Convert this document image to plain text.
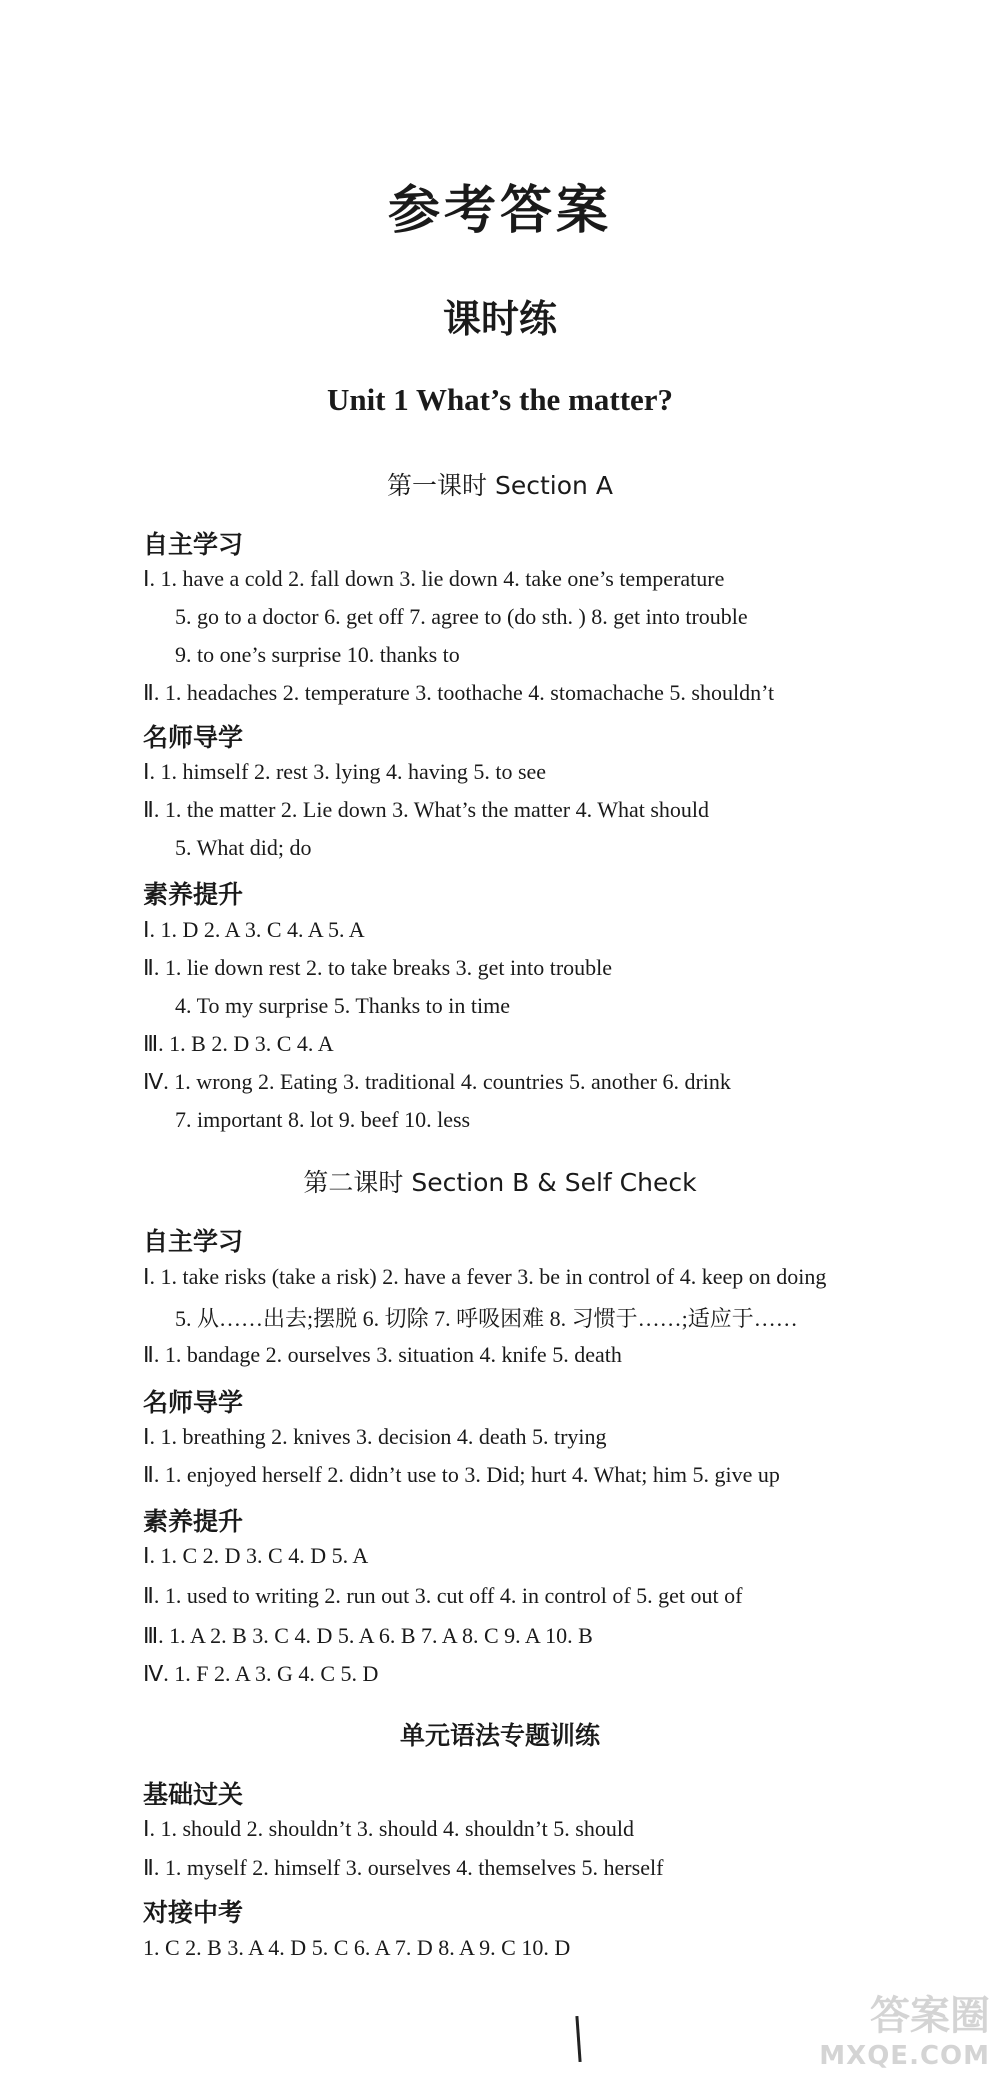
参考答案
课时练
Unit 1 What’s the matter?
第一课时 Section A
自主学习
Ⅰ. 1. have a cold 2. fall down 3. lie down 4. take one’s temperature
5. go to a doctor 6. get off 7. agree to (do sth. ) 8. get into trouble
9. to one’s surprise 10. thanks to
Ⅱ. 1. headaches 2. temperature 3. toothache 4. stomachache 5. shouldn’t
名师导学
Ⅰ. 1. himself 2. rest 3. lying 4. having 5. to see
Ⅱ. 1. the matter 2. Lie down 3. What’s the matter 4. What should
5. What did; do
素养提升
Ⅰ. 1. D 2. A 3. C 4. A 5. A
Ⅱ. 1. lie down rest 2. to take breaks 3. get into trouble
4. To my surprise 5. Thanks to in time
Ⅲ. 1. B 2. D 3. C 4. A
Ⅳ. 1. wrong 2. Eating 3. traditional 4. countries 5. another 6. drink
7. important 8. lot 9. beef 10. less
第二课时 Section B & Self Check
自主学习
Ⅰ. 1. take risks (take a risk) 2. have a fever 3. be in control of 4. keep on doing
5. 从……出去;摆脱 6. 切除 7. 呼吸困难 8. 习惯于……;适应于……
Ⅱ. 1. bandage 2. ourselves 3. situation 4. knife 5. death
名师导学
Ⅰ. 1. breathing 2. knives 3. decision 4. death 5. trying
Ⅱ. 1. enjoyed herself 2. didn’t use to 3. Did; hurt 4. What; him 5. give up
素养提升
Ⅰ. 1. C 2. D 3. C 4. D 5. A
Ⅱ. 1. used to writing 2. run out 3. cut off 4. in control of 5. get out of
Ⅲ. 1. A 2. B 3. C 4. D 5. A 6. B 7. A 8. C 9. A 10. B
Ⅳ. 1. F 2. A 3. G 4. C 5. D
单元语法专题训练
基础过关
Ⅰ. 1. should 2. shouldn’t 3. should 4. shouldn’t 5. should
Ⅱ. 1. myself 2. himself 3. ourselves 4. themselves 5. herself
对接中考
1. C 2. B 3. A 4. D 5. C 6. A 7. D 8. A 9. C 10. D
答案圈
MXQE.COM
